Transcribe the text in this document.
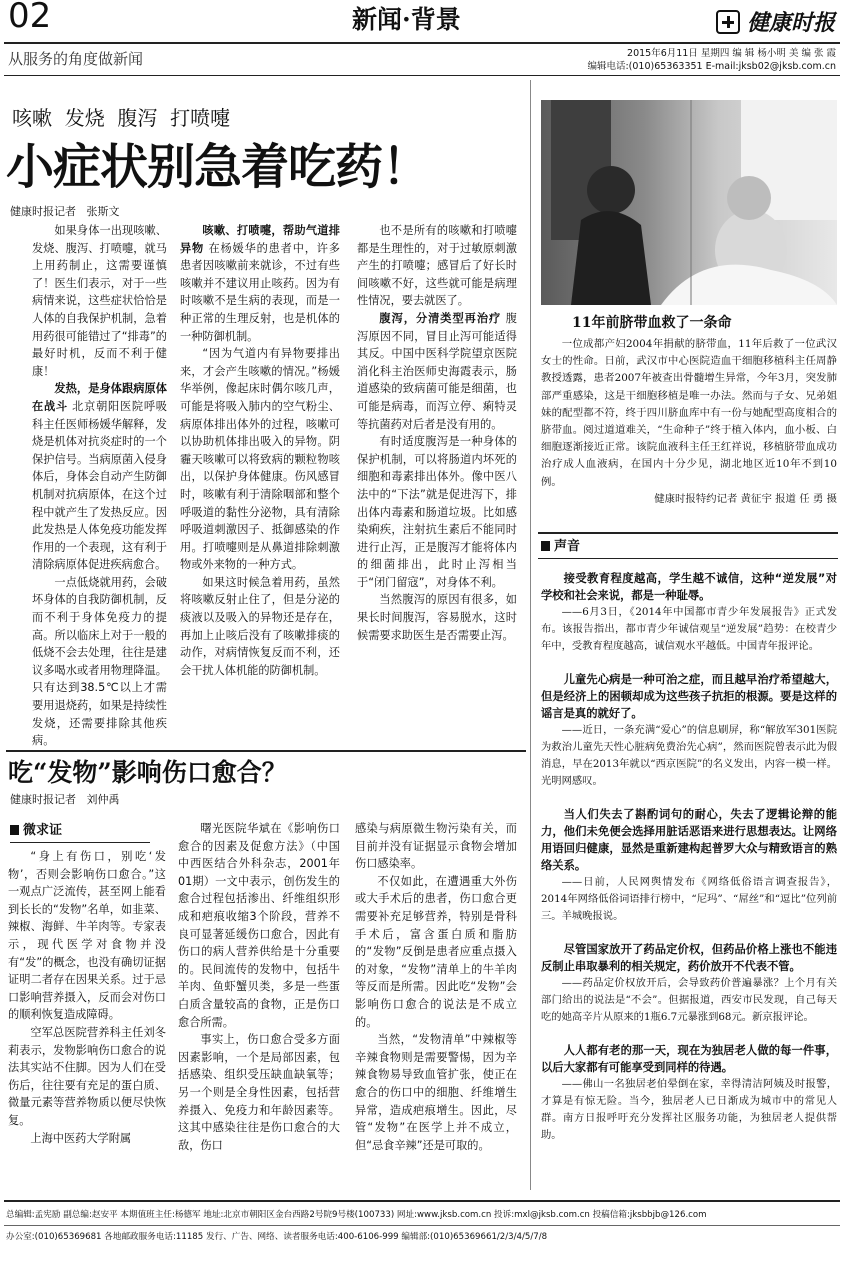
02	新闻·背景	健康时报
从服务的角度做新闻	2015年6月11日 星期四 编 辑 杨小明 美 编 张 霞
编辑电话:(010)65363351 E-mail:jksb02@jksb.com.cn
咳嗽  发烧  腹泻  打喷嚏
小症状别急着吃药！
健康时报记者   张斯文

如果身体一出现咳嗽、发烧、腹泻、打喷嚏，就马上用药制止，这需要谨慎了！医生们表示，对于一些病情来说，这些症状恰恰是人体的自我保护机制，急着用药很可能错过了“排毒”的最好时机，反而不利于健康！

发热，是身体跟病原体在战斗 北京朝阳医院呼吸科主任医师杨媛华解释，发烧是机体对抗炎症时的一个保护信号。当病原菌入侵身体后，身体会自动产生防御机制对抗病原体，在这个过程中就产生了发热反应。因此发热是人体免疫功能发挥作用的一个表现，这有利于清除病原体促进疾病愈合。

一点低烧就用药，会破坏身体的自我防御机制，反而不利于身体免疫力的提高。所以临床上对于一般的低烧不会去处理，往往是建议多喝水或者用物理降温。只有达到38.5℃以上才需要用退烧药，如果是持续性发烧，还需要排除其他疾病。

咳嗽、打喷嚏，帮助气道排异物 在杨媛华的患者中，许多患者因咳嗽前来就诊，不过有些咳嗽并不建议用止咳药。因为有时咳嗽不是生病的表现，而是一种正常的生理反射，也是机体的一种防御机制。

“因为气道内有异物要排出来，才会产生咳嗽的情况。”杨媛华举例，像起床时偶尔咳几声，可能是将吸入肺内的空气粉尘、病原体排出体外的过程，咳嗽可以协助机体排出吸入的异物。阴霾天咳嗽可以将致病的颗粒物咳出，以保护身体健康。伤风感冒时，咳嗽有利于清除咽部和整个呼吸道的黏性分泌物，具有清除呼吸道刺激因子、抵御感染的作用。打喷嚏则是从鼻道排除刺激物或外来物的一种方式。

如果这时候急着用药，虽然将咳嗽反射止住了，但是分泌的痰液以及吸入的异物还是存在，再加上止咳后没有了咳嗽排痰的动作，对病情恢复反而不利，还会干扰人体机能的防御机制。

也不是所有的咳嗽和打喷嚏都是生理性的，对于过敏原刺激产生的打喷嚏；感冒后了好长时间咳嗽不好，这些就可能是病理性情况，要去就医了。

腹泻，分清类型再治疗 腹泻原因不同，冒目止泻可能适得其反。中国中医科学院望京医院消化科主治医师史海霞表示，肠道感染的致病菌可能是细菌，也可能是病毒，而泻立停、痢特灵等抗菌药对后者是没有用的。

有时适度腹泻是一种身体的保护机制，可以将肠道内坏死的细胞和毒素排出体外。像中医八法中的“下法”就是促进泻下，排出体内毒素和肠道垃圾。比如感染痢疾，注射抗生素后不能同时进行止泻，正是腹泻才能将体内的细菌排出，此时止泻相当于“闭门留寇”，对身体不利。

当然腹泻的原因有很多，如果长时间腹泻，容易脱水，这时候需要求助医生是否需要止泻。

吃“发物”影响伤口愈合？
健康时报记者   刘仲禹
微求证

“身上有伤口，别吃‘发物’，否则会影响伤口愈合。”这一观点广泛流传，甚至网上能看到长长的“发物”名单，如韭菜、辣椒、海鲜、牛羊肉等。专家表示，现代医学对食物并没有“发”的概念，也没有确切证据证明二者存在因果关系。过于忌口影响营养摄入，反而会对伤口的顺利恢复造成障碍。

空军总医院营养科主任刘冬莉表示，发物影响伤口愈合的说法其实站不住脚。因为人们在受伤后，往往要有充足的蛋白质、微量元素等营养物质以便尽快恢复。

上海中医药大学附属

曙光医院华斌在《影响伤口愈合的因素及促愈方法》（中国中西医结合外科杂志，2001年01期）一文中表示，创伤发生的愈合过程包括渗出、纤维组织形成和疤痕收缩3个阶段，营养不良可显著延缓伤口愈合，因此有伤口的病人营养供给是十分重要的。民间流传的发物中，包括牛羊肉、鱼虾蟹贝类，多是一些蛋白质含量较高的食物，正是伤口愈合所需。

事实上，伤口愈合受多方面因素影响，一个是局部因素，包括感染、组织受压缺血缺氧等；另一个则是全身性因素，包括营养摄入、免疫力和年龄因素等。这其中感染往往是伤口愈合的大敌，伤口

感染与病原微生物污染有关，而目前并没有证据显示食物会增加伤口感染率。

不仅如此，在遭遇重大外伤或大手术后的患者，伤口愈合更需要补充足够营养，特别是骨科手术后，富含蛋白质和脂肪的“发物”反倒是患者应重点摄入的对象，“发物”清单上的牛羊肉等反而是所需。因此吃“发物”会影响伤口愈合的说法是不成立的。

当然，“发物清单”中辣椒等辛辣食物则是需要警惕，因为辛辣食物易导致血管扩张，使正在愈合的伤口中的细胞、纤维增生异常，造成疤痕增生。因此，尽管“发物”在医学上并不成立，但“忌食辛辣”还是可取的。

11年前脐带血救了一条命

一位成都产妇2004年捐献的脐带血，11年后救了一位武汉女士的性命。日前，武汉市中心医院造血干细胞移植科主任周静教授透露，患者2007年被查出骨髓增生异常，今年3月，突发肺部严重感染，这是干细胞移植是唯一办法。然而与子女、兄弟姐妹的配型都不符，终于四川脐血库中有一份与她配型高度相合的脐带血。阅过道道难关，“生命种子”终于植入体内，血小板、白细胞逐渐接近正常。该院血液科主任王红祥说，移植脐带血成功治疗成人血液病，在国内十分少见，湖北地区近10年不到10例。

健康时报特约记者 黄征宇 报道 任 勇 摄

声音

接受教育程度越高，学生越不诚信，这种“逆发展”对学校和社会来说，都是一种耻辱。

——6月3日，《2014年中国都市青少年发展报告》正式发布。该报告指出，都市青少年诚信观呈“逆发展”趋势：在校青少年中，受教育程度越高，诚信观水平越低。中国青年报评论。

儿童先心病是一种可治之症，而且越早治疗希望越大，但是经济上的困顿却成为这些孩子抗拒的根源。要是这样的谣言是真的就好了。

——近日，一条充满“爱心”的信息刷屏，称“解放军301医院为救治儿童先天性心脏病免费治先心病”，然而医院曾表示此为假消息，早在2013年就以“西京医院”的名义发出，内容一模一样。光明网感叹。

当人们失去了斟酌词句的耐心，失去了逻辑论辩的能力，他们未免便会选择用脏话恶语来进行思想表达。让网络用语回归健康，显然是重新建构起普罗大众与精致语言的熟络关系。

——日前，人民网舆情发布《网络低俗语言调查报告》，2014年网络低俗词语排行榜中，“尼玛”、“屌丝”和“逗比”位列前三。羊城晚报说。

尽管国家放开了药品定价权，但药品价格上涨也不能违反制止串取暴利的相关规定，药价放开不代表不管。

——药品定价权放开后，会导致药价普遍暴涨？上个月有关部门给出的说法是“不会”。但据报道，西安市民发现，自己每天吃的她高辛片从原来的1瓶6.7元暴涨到68元。新京报评论。

人人都有老的那一天，现在为独居老人做的每一件事，以后大家都有可能享受到同样的待遇。

——佛山一名独居老伯晕倒在家，幸得清洁阿姨及时报警，才算是有惊无险。当今，独居老人已日渐成为城市中的常见人群。南方日报呼吁充分发挥社区服务功能，为独居老人提供帮助。

总编辑:孟宪励 副总编:赵安平 本期值班主任:杨德军 地址:北京市朝阳区金台西路2号院9号楼(100733) 网址:www.jksb.com.cn 投诉:mxl@jksb.com.cn 投稿信箱:jksbbjb@126.com
办公室:(010)65369681 各地邮政服务电话:11185 发行、广告、网络、读者服务电话:400-6106-999 编辑部:(010)65369661/2/3/4/5/7/8
